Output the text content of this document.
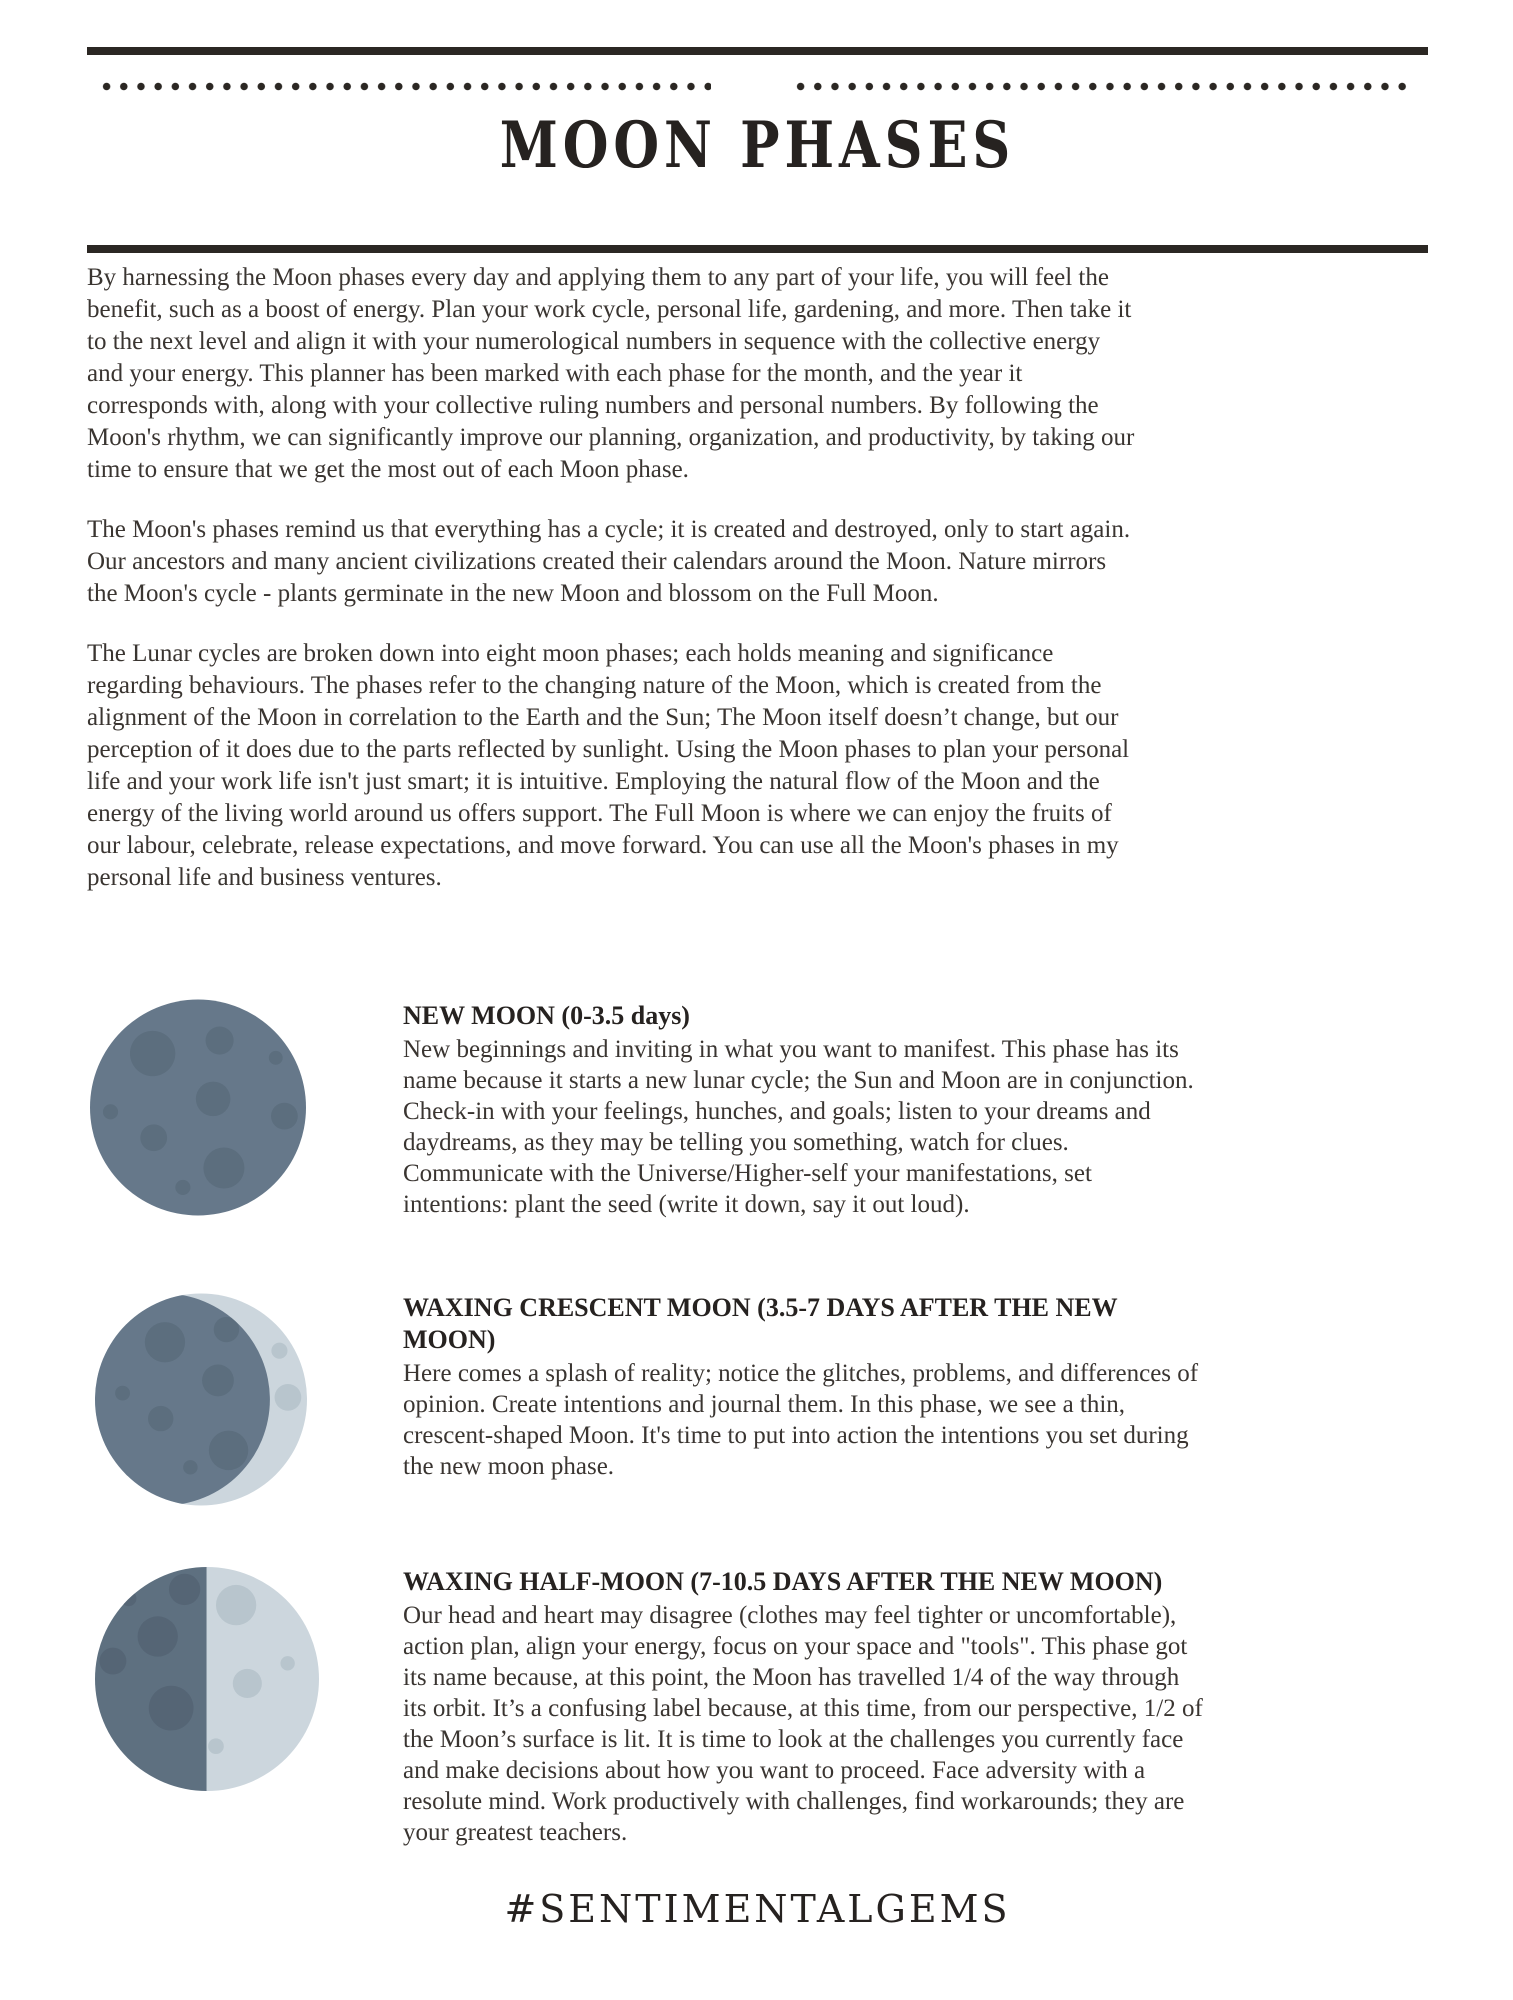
MOON PHASES

By harnessing the Moon phases every day and applying them to any part of your life, you will feel the benefit, such as a boost of energy. Plan your work cycle, personal life, gardening, and more. Then take it to the next level and align it with your numerological numbers in sequence with the collective energy and your energy. This planner has been marked with each phase for the month, and the year it corresponds with, along with your collective ruling numbers and personal numbers. By following the Moon's rhythm, we can significantly improve our planning, organization, and productivity, by taking our time to ensure that we get the most out of each Moon phase.

The Moon's phases remind us that everything has a cycle; it is created and destroyed, only to start again. Our ancestors and many ancient civilizations created their calendars around the Moon. Nature mirrors the Moon's cycle - plants germinate in the new Moon and blossom on the Full Moon.

The Lunar cycles are broken down into eight moon phases; each holds meaning and significance regarding behaviours. The phases refer to the changing nature of the Moon, which is created from the alignment of the Moon in correlation to the Earth and the Sun; The Moon itself doesn’t change, but our perception of it does due to the parts reflected by sunlight. Using the Moon phases to plan your personal life and your work life isn't just smart; it is intuitive. Employing the natural flow of the Moon and the energy of the living world around us offers support. The Full Moon is where we can enjoy the fruits of our labour, celebrate, release expectations, and move forward. You can use all the Moon's phases in my personal life and business ventures.

NEW MOON (0-3.5 days)

New beginnings and inviting in what you want to manifest. This phase has its name because it starts a new lunar cycle; the Sun and Moon are in conjunction. Check-in with your feelings, hunches, and goals; listen to your dreams and daydreams, as they may be telling you something, watch for clues. Communicate with the Universe/Higher-self your manifestations, set intentions: plant the seed (write it down, say it out loud).

WAXING CRESCENT MOON (3.5-7 DAYS AFTER THE NEW MOON)

Here comes a splash of reality; notice the glitches, problems, and differences of opinion. Create intentions and journal them. In this phase, we see a thin, crescent-shaped Moon. It's time to put into action the intentions you set during the new moon phase.

WAXING HALF-MOON (7-10.5 DAYS AFTER THE NEW MOON)

Our head and heart may disagree (clothes may feel tighter or uncomfortable), action plan, align your energy, focus on your space and "tools". This phase got its name because, at this point, the Moon has travelled 1/4 of the way through its orbit. It’s a confusing label because, at this time, from our perspective, 1/2 of the Moon’s surface is lit. It is time to look at the challenges you currently face and make decisions about how you want to proceed. Face adversity with a resolute mind. Work productively with challenges, find workarounds; they are your greatest teachers.

#SENTIMENTALGEMS
